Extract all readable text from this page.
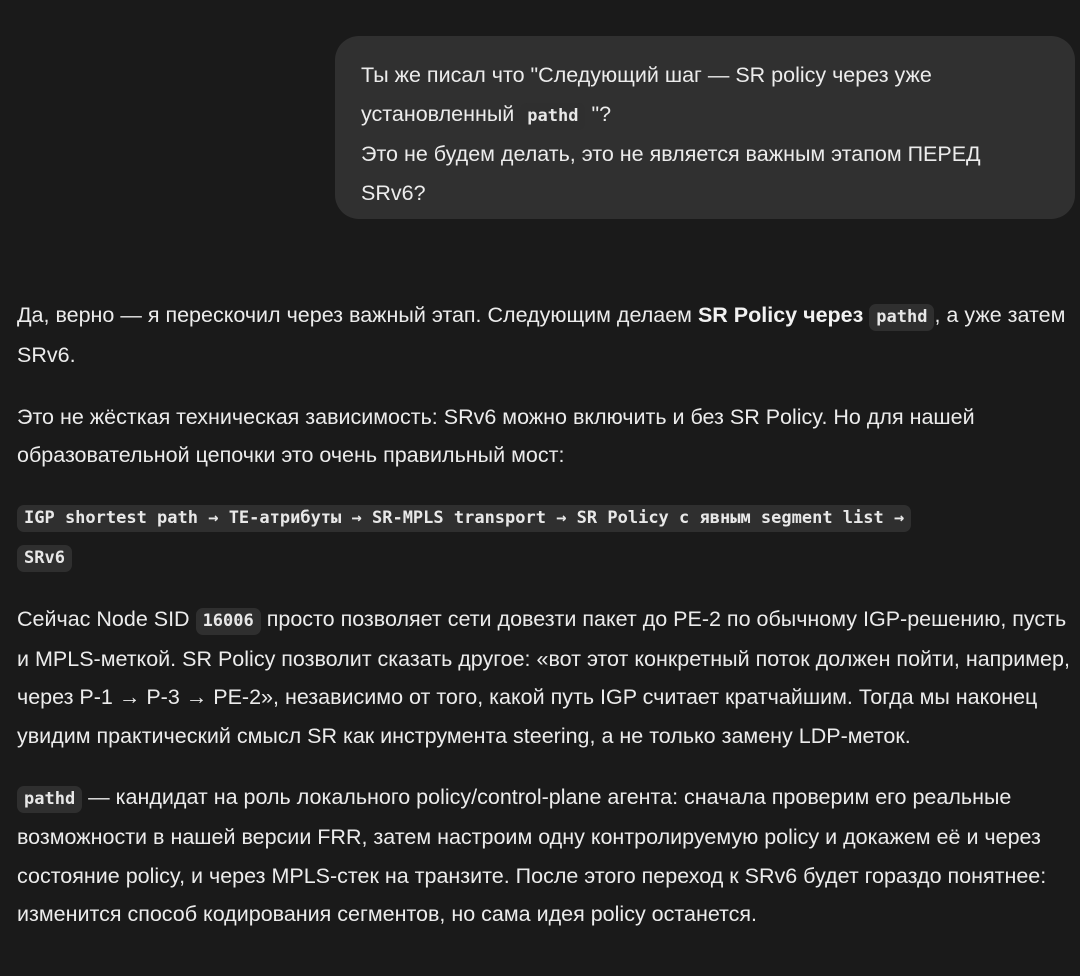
Ты же писал что "Следующий шаг — SR policy через уже
установленный pathd "?
Это не будем делать, это не является важным этапом ПЕРЕД
SRv6?

Да, верно — я перескочил через важный этап. Следующим делаем SR Policy через pathd , а уже затем SRv6.

Это не жёсткая техническая зависимость: SRv6 можно включить и без SR Policy. Но для нашей образовательной цепочки это очень правильный мост:

IGP shortest path → TE-атрибуты → SR-MPLS transport → SR Policy с явным segment list →
SRv6

Сейчас Node SID 16006 просто позволяет сети довезти пакет до PE-2 по обычному IGP-решению, пусть и MPLS-меткой. SR Policy позволит сказать другое: «вот этот конкретный поток должен пойти, например, через P-1 → P-3 → PE-2», независимо от того, какой путь IGP считает кратчайшим. Тогда мы наконец увидим практический смысл SR как инструмента steering, а не только замену LDP-меток.

pathd — кандидат на роль локального policy/control-plane агента: сначала проверим его реальные возможности в нашей версии FRR, затем настроим одну контролируемую policy и докажем её и через состояние policy, и через MPLS-стек на транзите. После этого переход к SRv6 будет гораздо понятнее: изменится способ кодирования сегментов, но сама идея policy останется.
